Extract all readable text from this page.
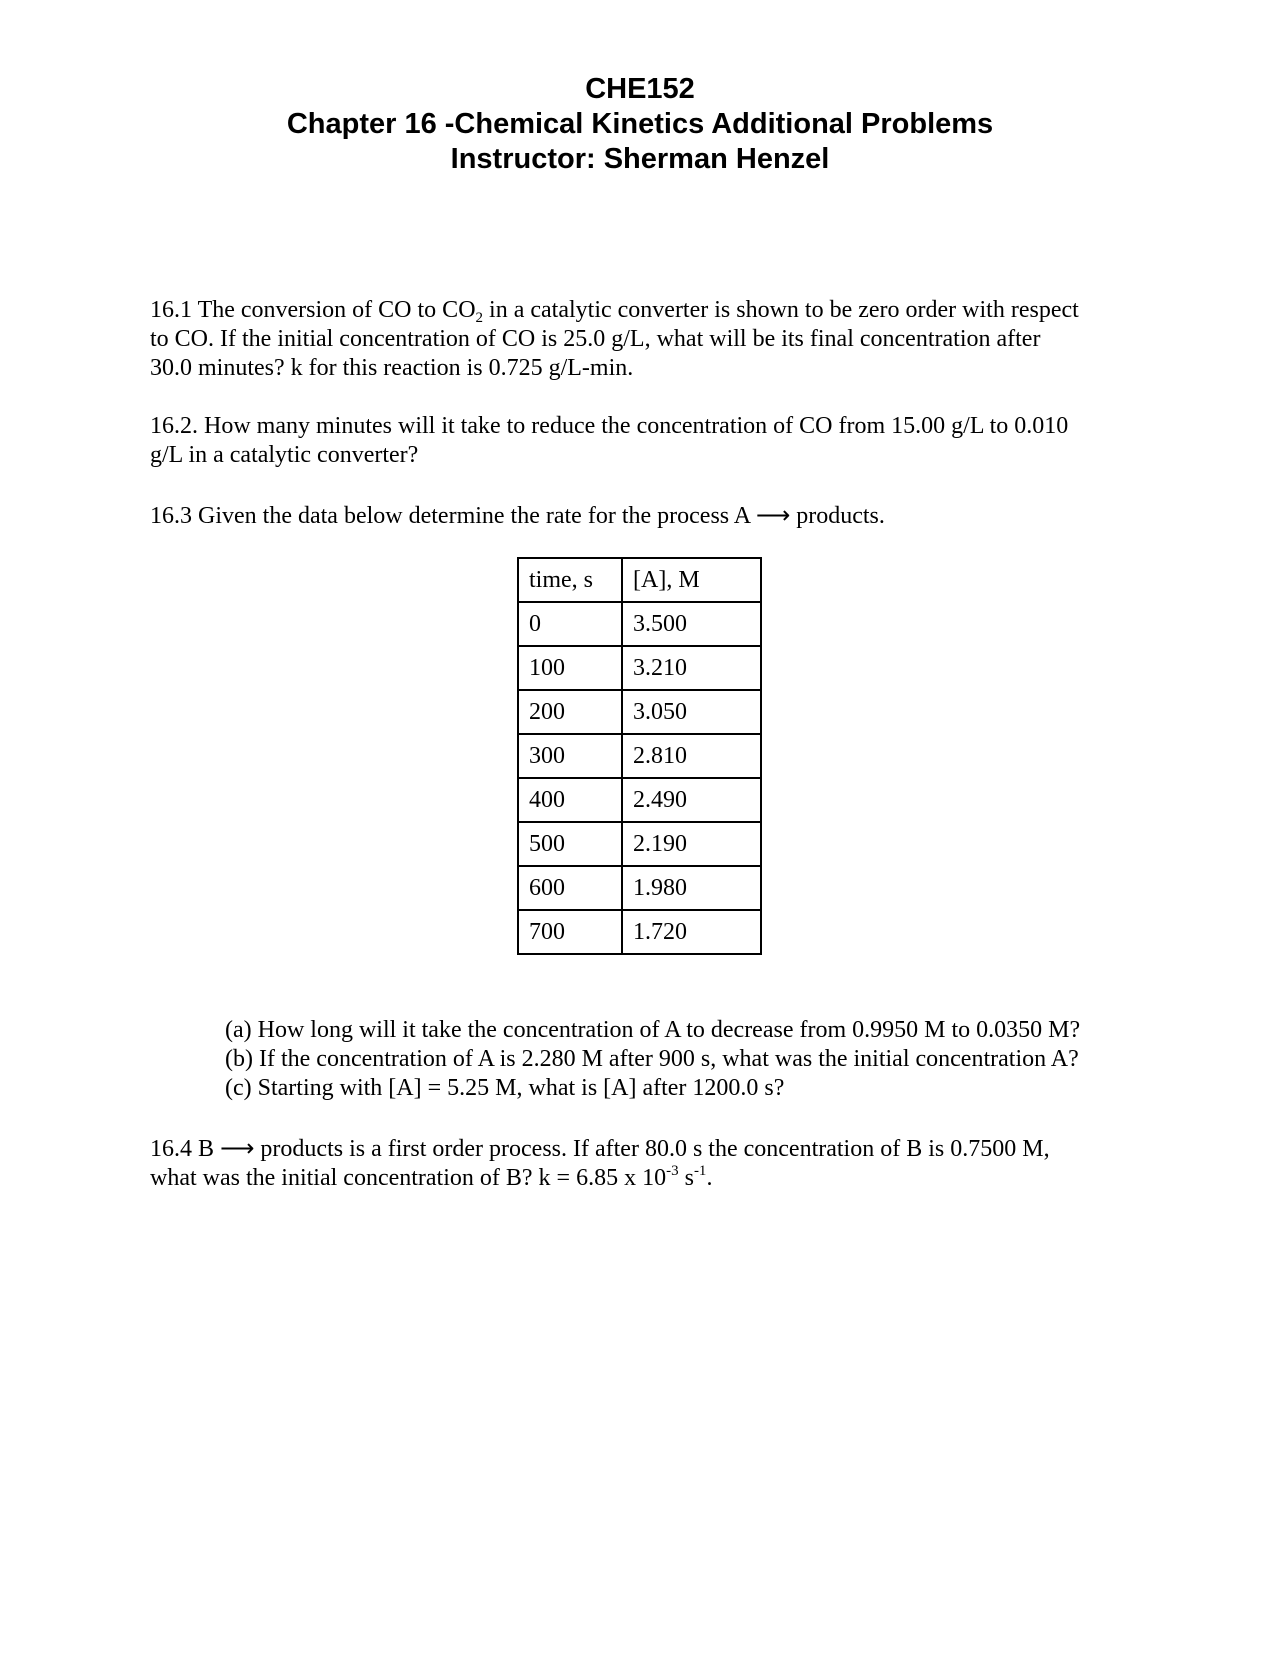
CHE152
Chapter 16 -Chemical Kinetics Additional Problems
Instructor: Sherman Henzel
16.1 The conversion of CO to $CO_2$ in a catalytic converter is shown to be zero order with respect
to CO. If the initial concentration of CO is 25.0 g/L, what will be its final concentration after
30.0 minutes? k for this reaction is 0.725 g/L-min.
16.2. How many minutes will it take to reduce the concentration of CO from 15.00 g/L to 0.010
g/L in a catalytic converter?
16.3 Given the data below determine the rate for the process A ⟶ products.
time, s	[A], M
0	3.500
100	3.210
200	3.050
300	2.810
400	2.490
500	2.190
600	1.980
700	1.720
(a) How long will it take the concentration of A to decrease from 0.9950 M to 0.0350 M?
(b) If the concentration of A is 2.280 M after 900 s, what was the initial concentration A?
(c) Starting with [A] = 5.25 M, what is [A] after 1200.0 s?
16.4 B ⟶ products is a first order process. If after 80.0 s the concentration of B is 0.7500 M,
what was the initial concentration of B? k = 6.85 x $10^{-3}$ $s^{-1}$.
